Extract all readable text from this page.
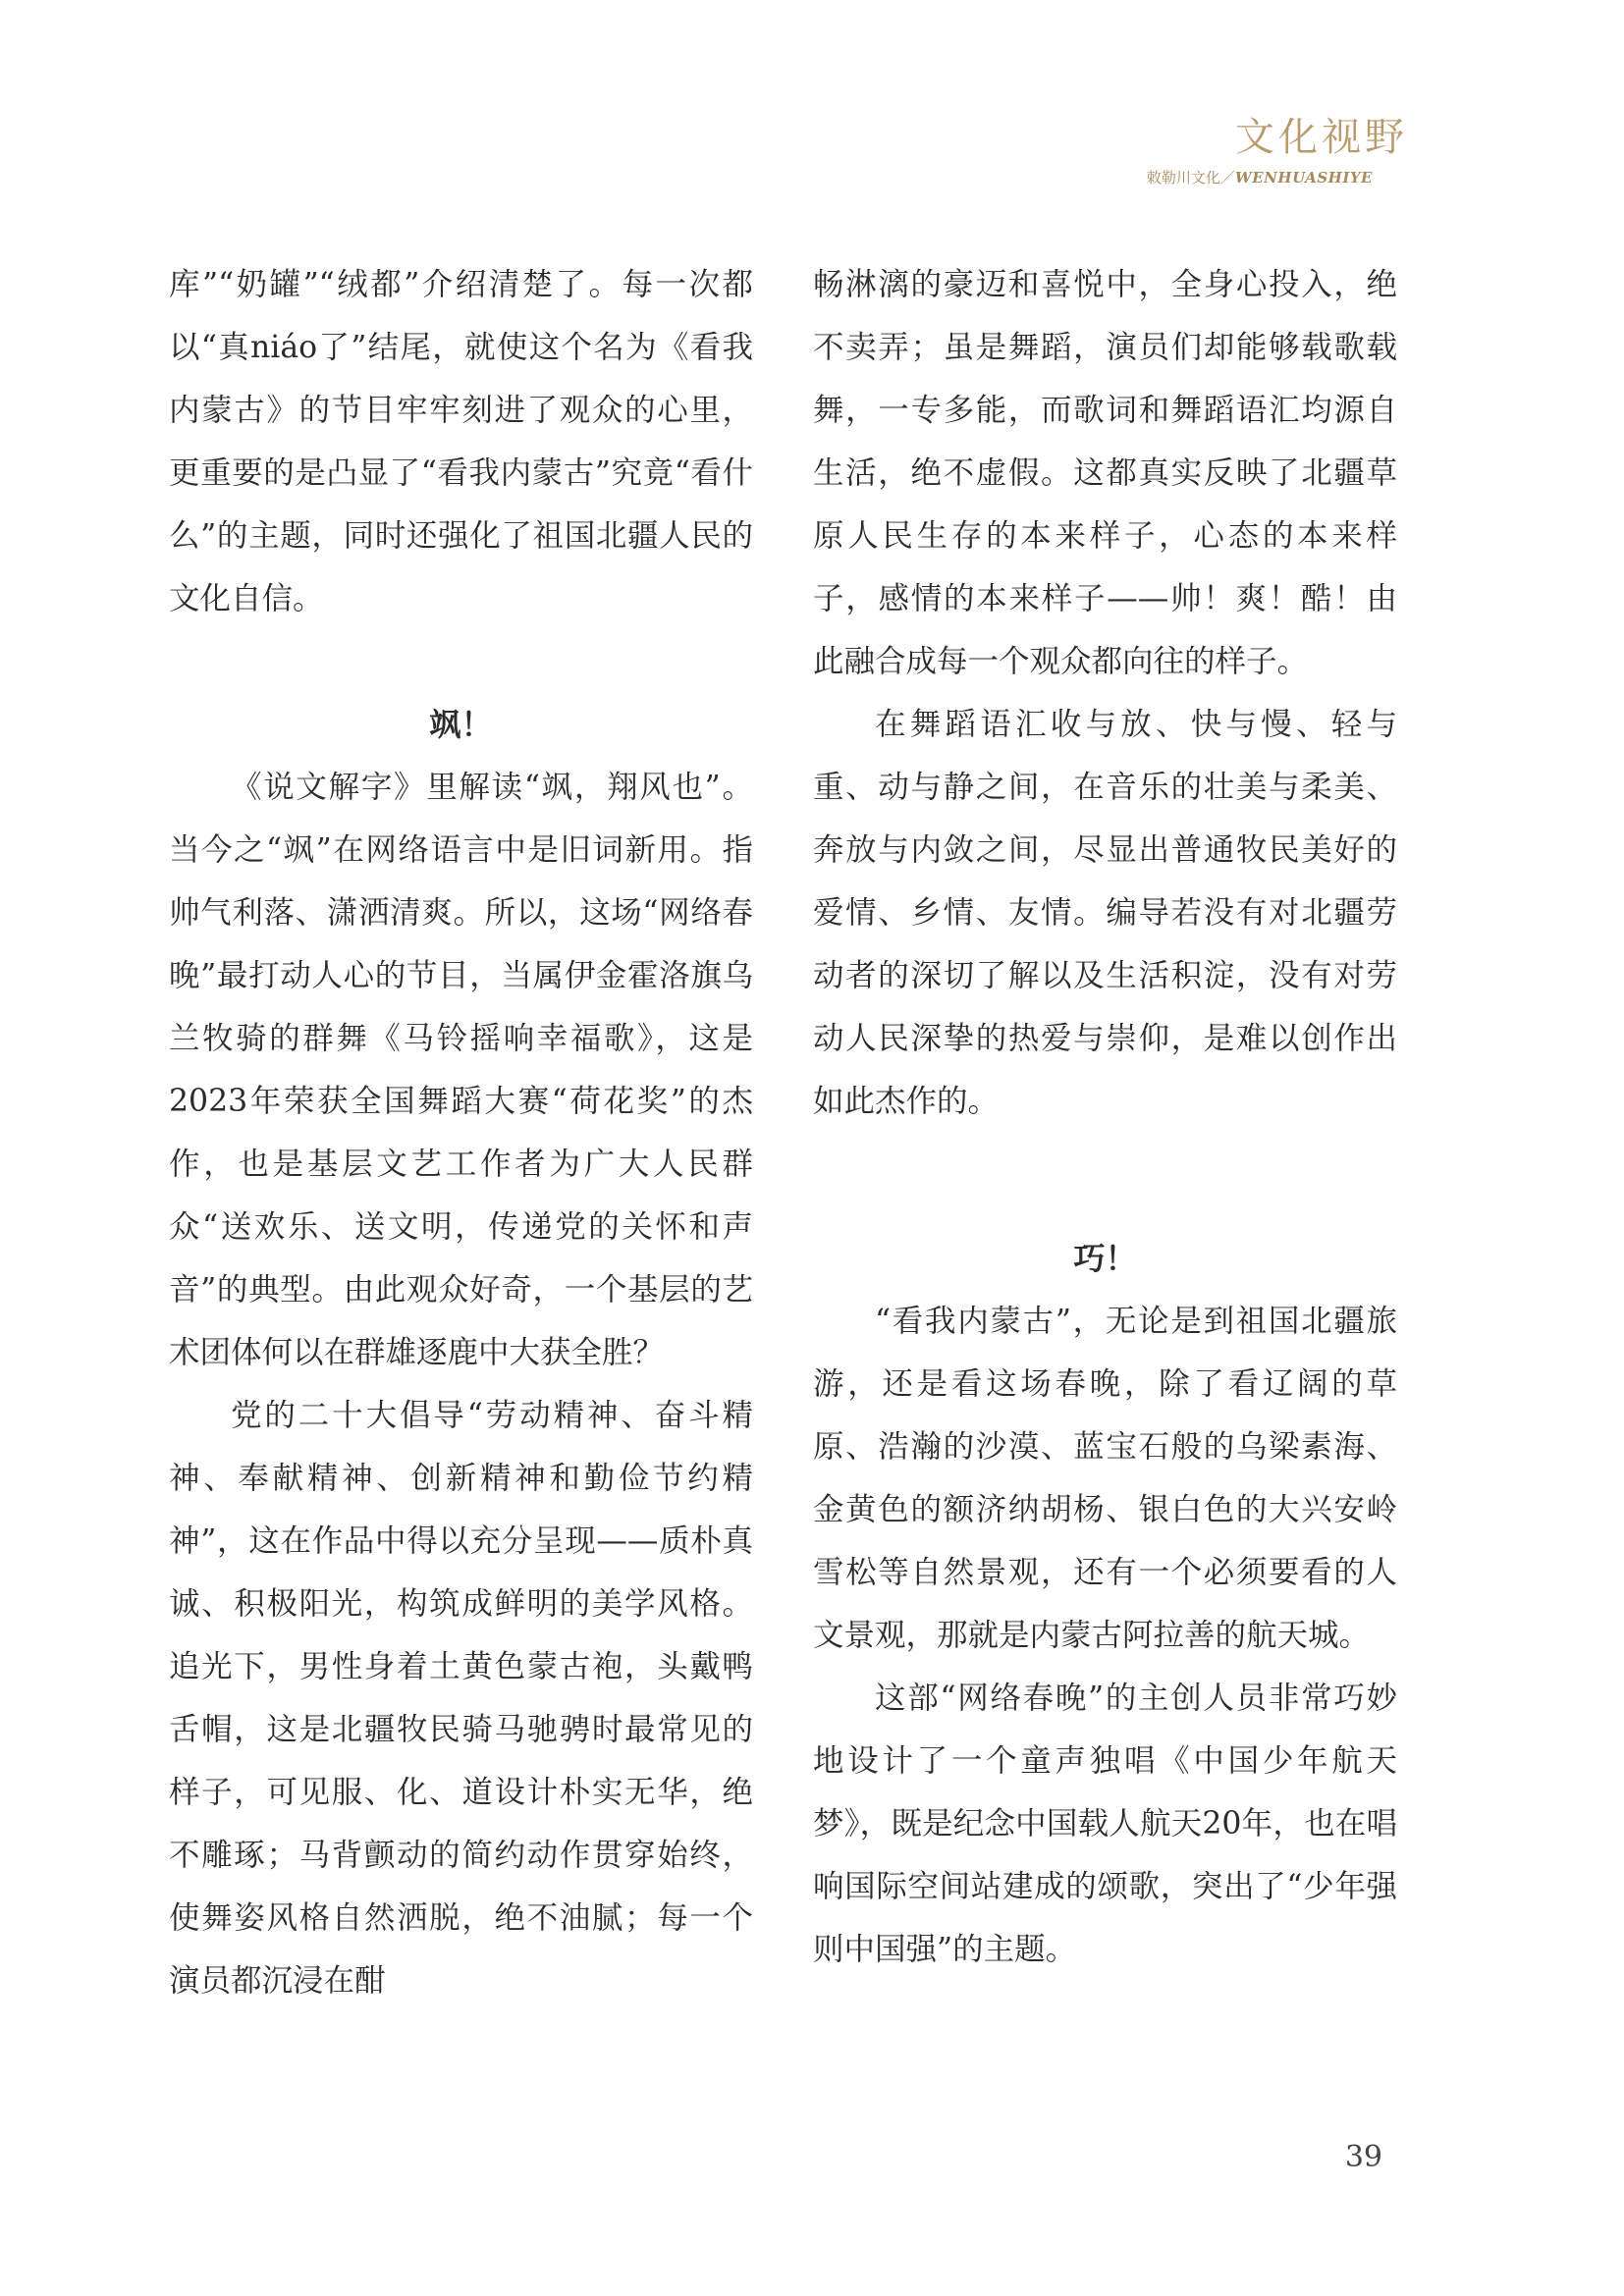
文化视野
敕勒川文化／WENHUASHIYE

库”“奶罐”“绒都”介绍清楚了。每一次都以“真niáo了”结尾，就使这个名为《看我内蒙古》的节目牢牢刻进了观众的心里，更重要的是凸显了“看我内蒙古”究竟“看什么”的主题，同时还强化了祖国北疆人民的文化自信。

飒！

《说文解字》里解读“飒，翔风也”。当今之“飒”在网络语言中是旧词新用。指帅气利落、潇洒清爽。所以，这场“网络春晚”最打动人心的节目，当属伊金霍洛旗乌兰牧骑的群舞《马铃摇响幸福歌》，这是2023年荣获全国舞蹈大赛“荷花奖”的杰作，也是基层文艺工作者为广大人民群众“送欢乐、送文明，传递党的关怀和声音”的典型。由此观众好奇，一个基层的艺术团体何以在群雄逐鹿中大获全胜？

党的二十大倡导“劳动精神、奋斗精神、奉献精神、创新精神和勤俭节约精神”，这在作品中得以充分呈现——质朴真诚、积极阳光，构筑成鲜明的美学风格。追光下，男性身着土黄色蒙古袍，头戴鸭舌帽，这是北疆牧民骑马驰骋时最常见的样子，可见服、化、道设计朴实无华，绝不雕琢；马背颤动的简约动作贯穿始终，使舞姿风格自然洒脱，绝不油腻；每一个演员都沉浸在酣

畅淋漓的豪迈和喜悦中，全身心投入，绝不卖弄；虽是舞蹈，演员们却能够载歌载舞，一专多能，而歌词和舞蹈语汇均源自生活，绝不虚假。这都真实反映了北疆草原人民生存的本来样子，心态的本来样子，感情的本来样子——帅！爽！酷！由此融合成每一个观众都向往的样子。

在舞蹈语汇收与放、快与慢、轻与重、动与静之间，在音乐的壮美与柔美、奔放与内敛之间，尽显出普通牧民美好的爱情、乡情、友情。编导若没有对北疆劳动者的深切了解以及生活积淀，没有对劳动人民深挚的热爱与崇仰，是难以创作出如此杰作的。

巧！

“看我内蒙古”，无论是到祖国北疆旅游，还是看这场春晚，除了看辽阔的草原、浩瀚的沙漠、蓝宝石般的乌梁素海、金黄色的额济纳胡杨、银白色的大兴安岭雪松等自然景观，还有一个必须要看的人文景观，那就是内蒙古阿拉善的航天城。

这部“网络春晚”的主创人员非常巧妙地设计了一个童声独唱《中国少年航天梦》，既是纪念中国载人航天20年，也在唱响国际空间站建成的颂歌，突出了“少年强则中国强”的主题。

39
